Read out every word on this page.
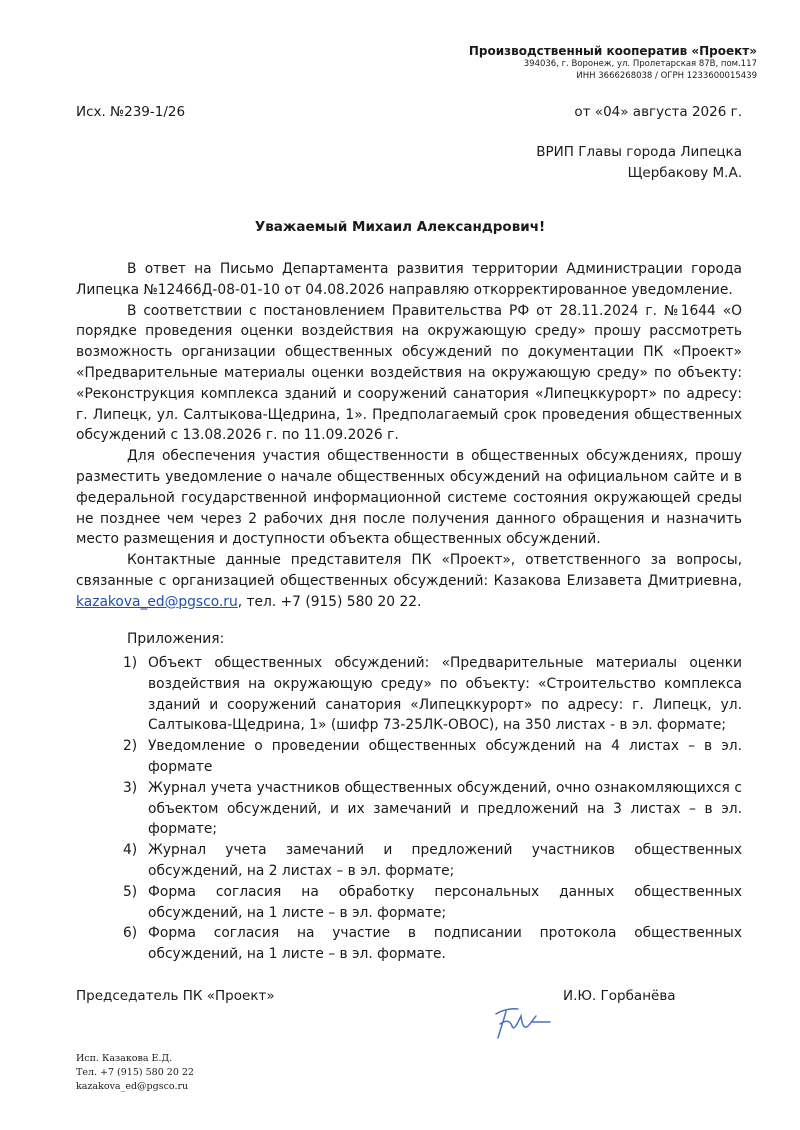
Производственный кооператив «Проект»
394036, г. Воронеж, ул. Пролетарская 87В, пом.117
ИНН 3666268038 / ОГРН 1233600015439
Исх. №239-1/26	от «04» августа 2026 г.
ВРИП Главы города Липецка
Щербакову М.А.
Уважаемый Михаил Александрович!

В ответ на Письмо Департамента развития территории Администрации города Липецка №12466Д-08-01-10 от 04.08.2026 направляю откорректированное уведомление.

В соответствии с постановлением Правительства РФ от 28.11.2024 г. №1644 «О порядке проведения оценки воздействия на окружающую среду» прошу рассмотреть возможность организации общественных обсуждений по документации ПК «Проект» «Предварительные материалы оценки воздействия на окружающую среду» по объекту: «Реконструкция комплекса зданий и сооружений санатория «Липецккурорт» по адресу: г. Липецк, ул. Салтыкова-Щедрина, 1». Предполагаемый срок проведения общественных обсуждений с 13.08.2026 г. по 11.09.2026 г.

Для обеспечения участия общественности в общественных обсуждениях, прошу разместить уведомление о начале общественных обсуждений на официальном сайте и в федеральной государственной информационной системе состояния окружающей среды не позднее чем через 2 рабочих дня после получения данного обращения и назначить место размещения и доступности объекта общественных обсуждений.

Контактные данные представителя ПК «Проект», ответственного за вопросы, связанные с организацией общественных обсуждений: Казакова Елизавета Дмитриевна, kazakova_ed@pgsco.ru, тел. +7 (915) 580 20 22.

Приложения:
1) Объект общественных обсуждений: «Предварительные материалы оценки воздействия на окружающую среду» по объекту: «Строительство комплекса зданий и сооружений санатория «Липецккурорт» по адресу: г. Липецк, ул. Салтыкова-Щедрина, 1» (шифр 73-25ЛК-ОВОС), на 350 листах - в эл. формате;
2) Уведомление о проведении общественных обсуждений на 4 листах – в эл. формате
3) Журнал учета участников общественных обсуждений, очно ознакомляющихся с объектом обсуждений, и их замечаний и предложений на 3 листах – в эл. формате;
4) Журнал учета замечаний и предложений участников общественных обсуждений, на 2 листах – в эл. формате;
5) Форма согласия на обработку персональных данных общественных обсуждений, на 1 листе – в эл. формате;
6) Форма согласия на участие в подписании протокола общественных обсуждений, на 1 листе – в эл. формате.
Председатель ПК «Проект»	И.Ю. Горбанёва
Исп. Казакова Е.Д.
Тел. +7 (915) 580 20 22
kazakova_ed@pgsco.ru
